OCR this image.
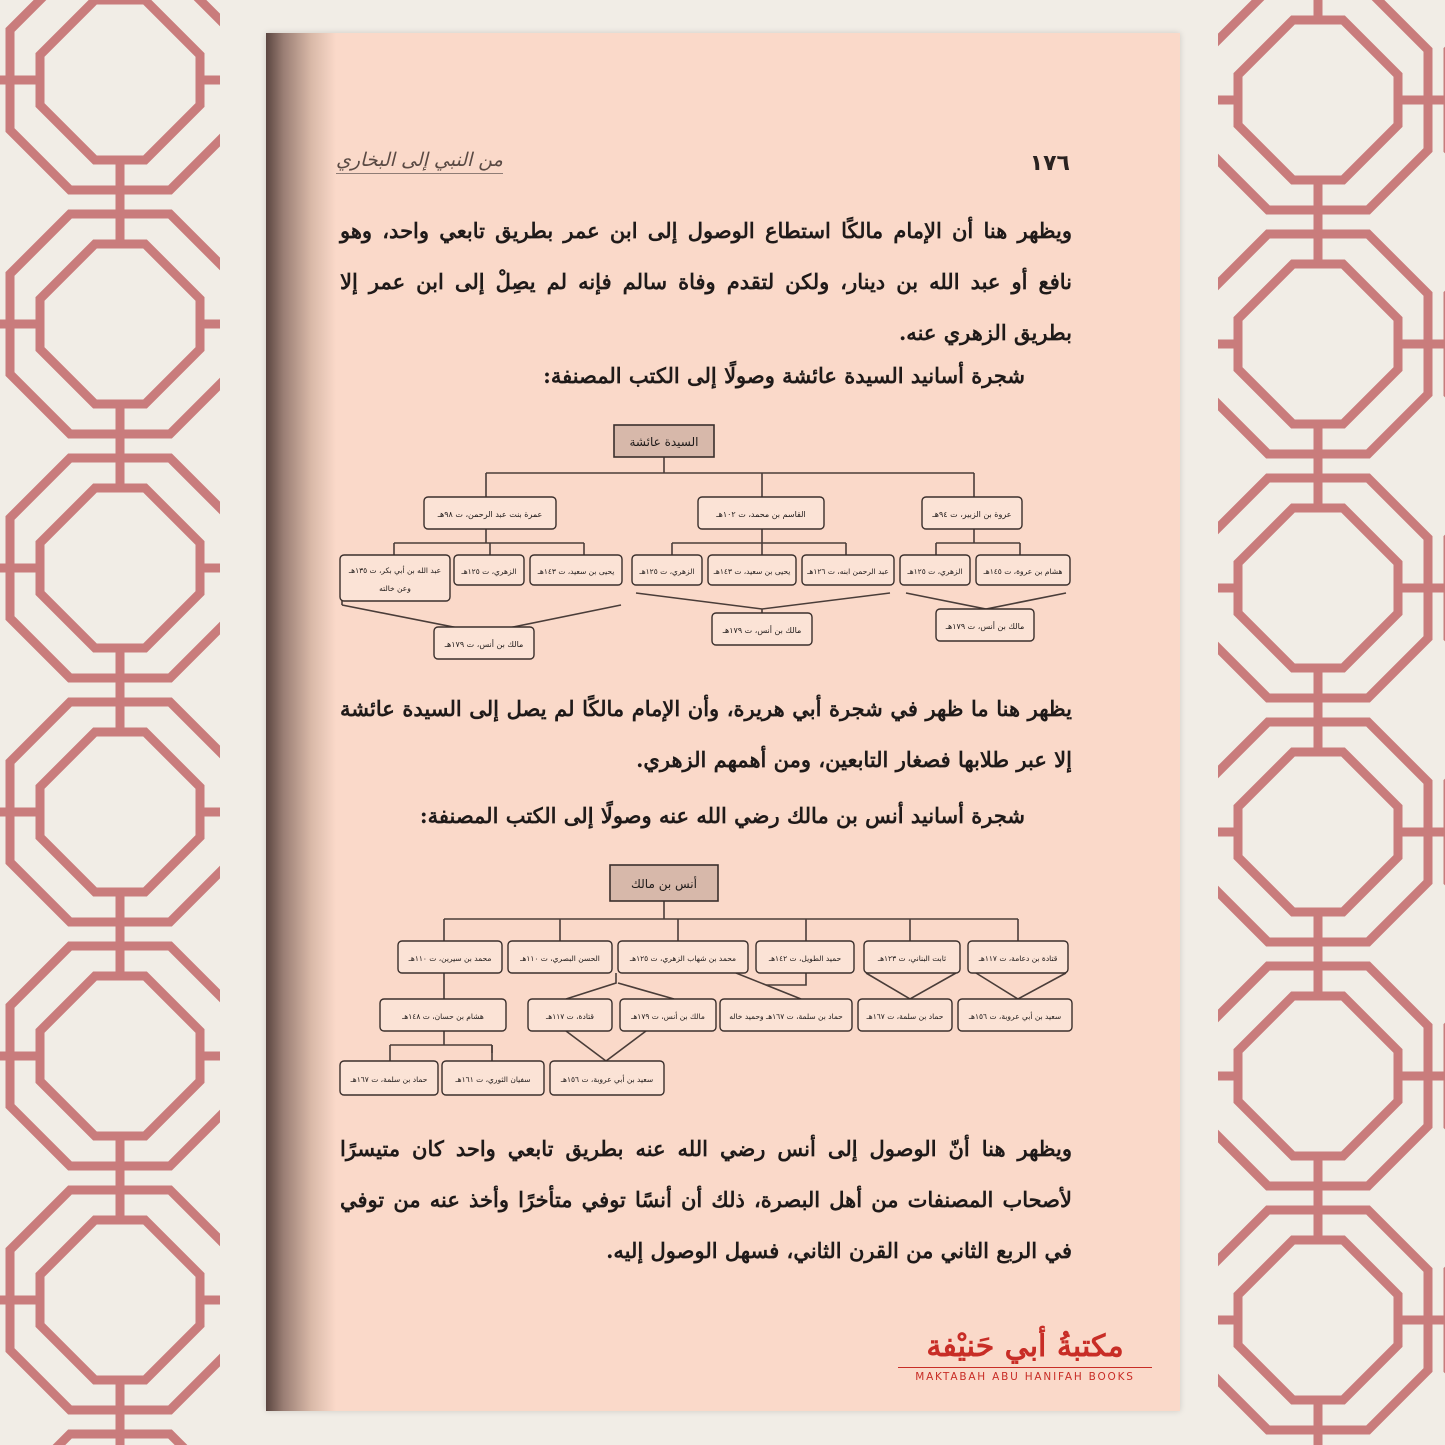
١٧٦
من النبي إلى البخاري
ويظهر هنا أن الإمام مالكًا استطاع الوصول إلى ابن عمر بطريق تابعي واحد، وهو نافع أو عبد الله بن دينار، ولكن لتقدم وفاة سالم فإنه لم يصِلْ إلى ابن عمر إلا بطريق الزهري عنه.
شجرة أسانيد السيدة عائشة وصولًا إلى الكتب المصنفة:
يظهر هنا ما ظهر في شجرة أبي هريرة، وأن الإمام مالكًا لم يصل إلى السيدة عائشة إلا عبر طلابها فصغار التابعين، ومن أهمهم الزهري.
شجرة أسانيد أنس بن مالك رضي الله عنه وصولًا إلى الكتب المصنفة:
ويظهر هنا أنّ الوصول إلى أنس رضي الله عنه بطريق تابعي واحد كان متيسرًا لأصحاب المصنفات من أهل البصرة، ذلك أن أنسًا توفي متأخرًا وأخذ عنه من توفي في الربع الثاني من القرن الثاني، فسهل الوصول إليه.
السيدة عائشة
عروة بن الزبير، ت ٩٤هـ
القاسم بن محمد، ت ١٠٢هـ
عمرة بنت عبد الرحمن، ت ٩٨هـ
هشام بن عروة، ت ١٤٥هـ
الزهري، ت ١٢٥هـ
عبد الرحمن ابنه، ت ١٢٦هـ
يحيى بن سعيد، ت ١٤٣هـ
الزهري، ت ١٢٥هـ
يحيى بن سعيد، ت ١٤٣هـ
الزهري، ت ١٢٥هـ
عبد الله بن أبي بكر، ت ١٣٥هـ
وعن خالته
مالك بن أنس، ت ١٧٩هـ
مالك بن أنس، ت ١٧٩هـ
مالك بن أنس، ت ١٧٩هـ
أنس بن مالك
قتادة بن دعامة، ت ١١٧هـ
ثابت البناني، ت ١٢٣هـ
حميد الطويل، ت ١٤٢هـ
محمد بن شهاب الزهري، ت ١٢٥هـ
الحسن البصري، ت ١١٠هـ
محمد بن سيرين، ت ١١٠هـ
سعيد بن أبي عروبة، ت ١٥٦هـ
حماد بن سلمة، ت ١٦٧هـ
حماد بن سلمة، ت ١٦٧هـ وحميد خاله
مالك بن أنس، ت ١٧٩هـ
قتادة، ت ١١٧هـ
هشام بن حسان، ت ١٤٨هـ
سعيد بن أبي عروبة، ت ١٥٦هـ
سفيان الثوري، ت ١٦١هـ
حماد بن سلمة، ت ١٦٧هـ
مكتبةُ أبي حَنيْفة
MAKTABAH ABU HANIFAH BOOKS
